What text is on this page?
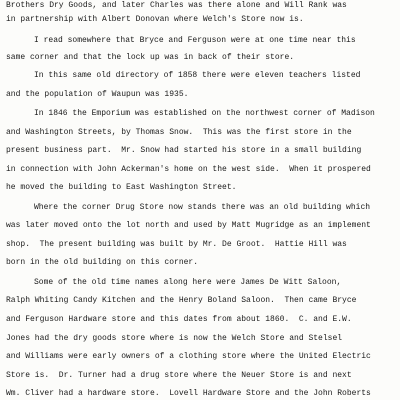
Brothers Dry Goods, and later Charles was there alone and Will Rank was
in partnership with Albert Donovan where Welch's Store now is.
I read somewhere that Bryce and Ferguson were at one time near this
same corner and that the lock up was in back of their store.
In this same old directory of 1858 there were eleven teachers listed
and the population of Waupun was 1935.
In 1846 the Emporium was established on the northwest corner of Madison
and Washington Streets, by Thomas Snow.  This was the first store in the
present business part.  Mr. Snow had started his store in a small building
in connection with John Ackerman's home on the west side.  When it prospered
he moved the building to East Washington Street.
Where the corner Drug Store now stands there was an old building which
was later moved onto the lot north and used by Matt Mugridge as an implement
shop.  The present building was built by Mr. De Groot.  Hattie Hill was
born in the old building on this corner.
Some of the old time names along here were James De Witt Saloon,
Ralph Whiting Candy Kitchen and the Henry Boland Saloon.  Then came Bryce
and Ferguson Hardware store and this dates from about 1860.  C. and E.W.
Jones had the dry goods store where is now the Welch Store and Stelsel
and Williams were early owners of a clothing store where the United Electric
Store is.  Dr. Turner had a drug store where the Neuer Store is and next
Wm. Cliver had a hardware store.  Lovell Hardware Store and the John Roberts
